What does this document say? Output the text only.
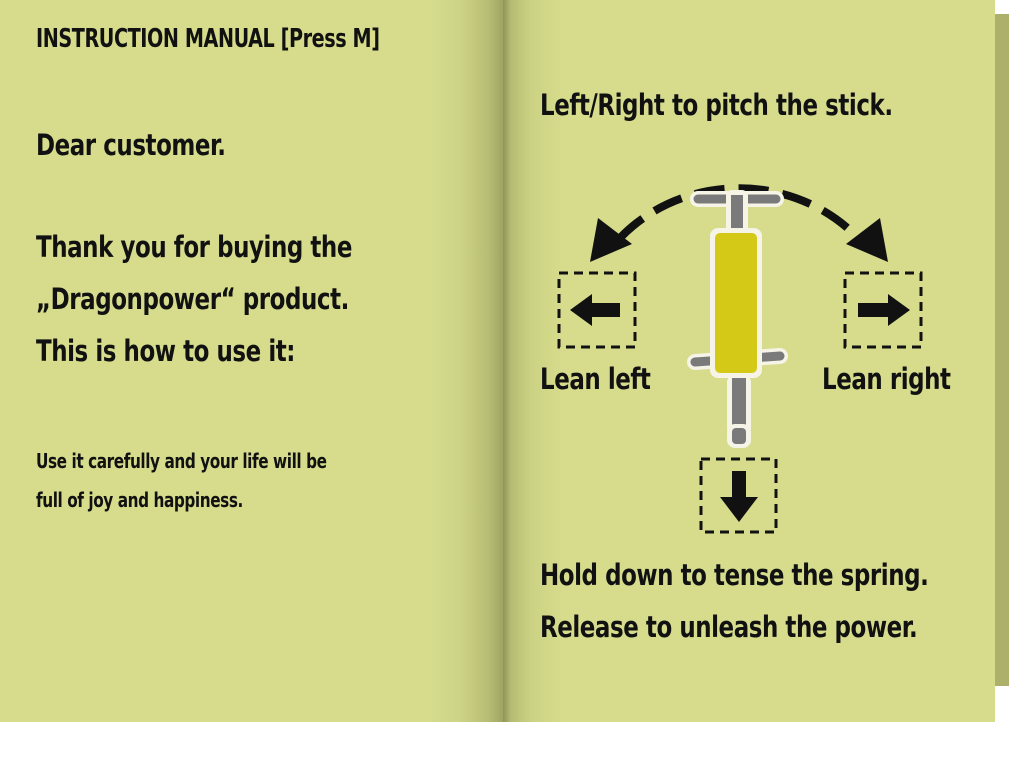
INSTRUCTION MANUAL [Press M]

Dear customer.

Thank you for buying the

„Dragonpower“ product.

This is how to use it:

Use it carefully and your life will be

full of joy and happiness.

Left/Right to pitch the stick.

Lean left	Lean right

Hold down to tense the spring.

Release to unleash the power.
